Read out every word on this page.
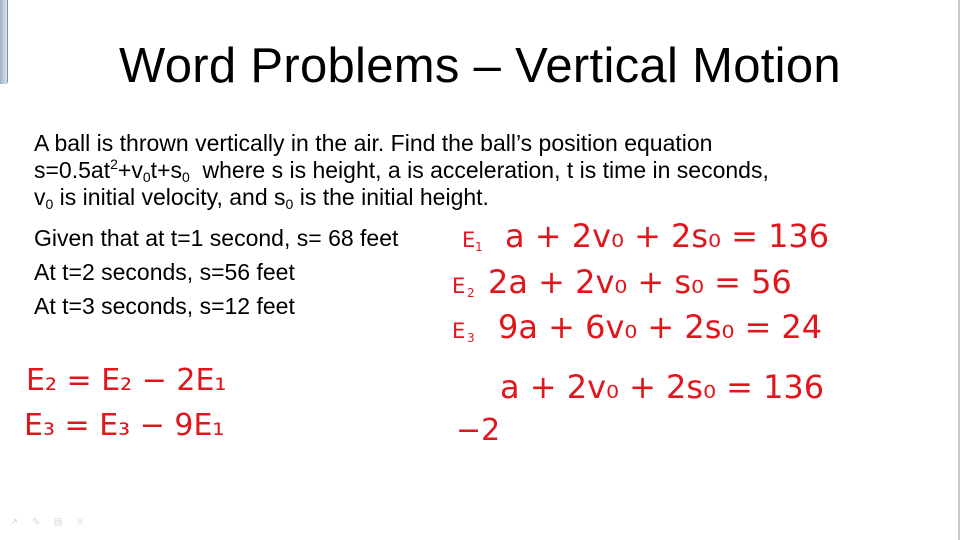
Word Problems – Vertical Motion

A ball is thrown vertically in the air. Find the ball’s position equation

$s=0.5at^2+v_0t+s_0$  where s is height, a is acceleration, t is time in seconds,

$v_0$ is initial velocity, and $s_0$ is the initial height.

Given that at t=1 second, s= 68 feet
At t=2 seconds, s=56 feet
At t=3 seconds, s=12 feet
E 1 a + 2v₀ + 2s₀ = 136
E 2 2a + 2v₀ + s₀ = 56
E 3 9a + 6v₀ + 2s₀ = 24
E₂ = E₂ − 2E₁
E₃ = E₃ − 9E₁
a + 2v₀ + 2s₀ = 136
−2
↗	✎	▤	≡
